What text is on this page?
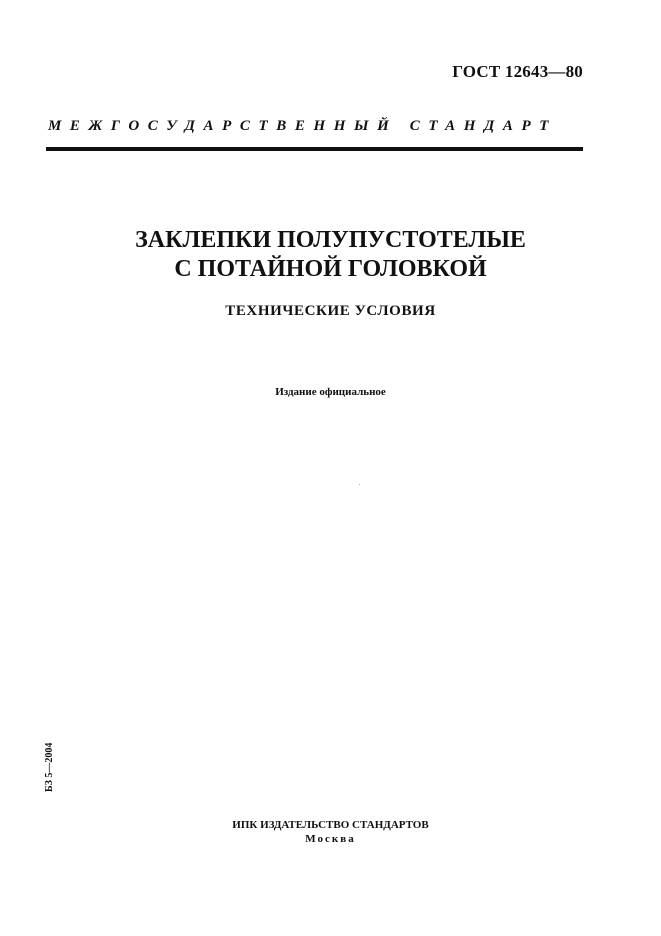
ГОСТ 12643—80
МЕЖГОСУДАРСТВЕННЫЙ СТАНДАРТ
ЗАКЛЕПКИ ПОЛУПУСТОТЕЛЫЕ
С ПОТАЙНОЙ ГОЛОВКОЙ
ТЕХНИЧЕСКИЕ УСЛОВИЯ
Издание официальное
БЗ 5—2004
ИПК ИЗДАТЕЛЬСТВО СТАНДАРТОВ
Москва
